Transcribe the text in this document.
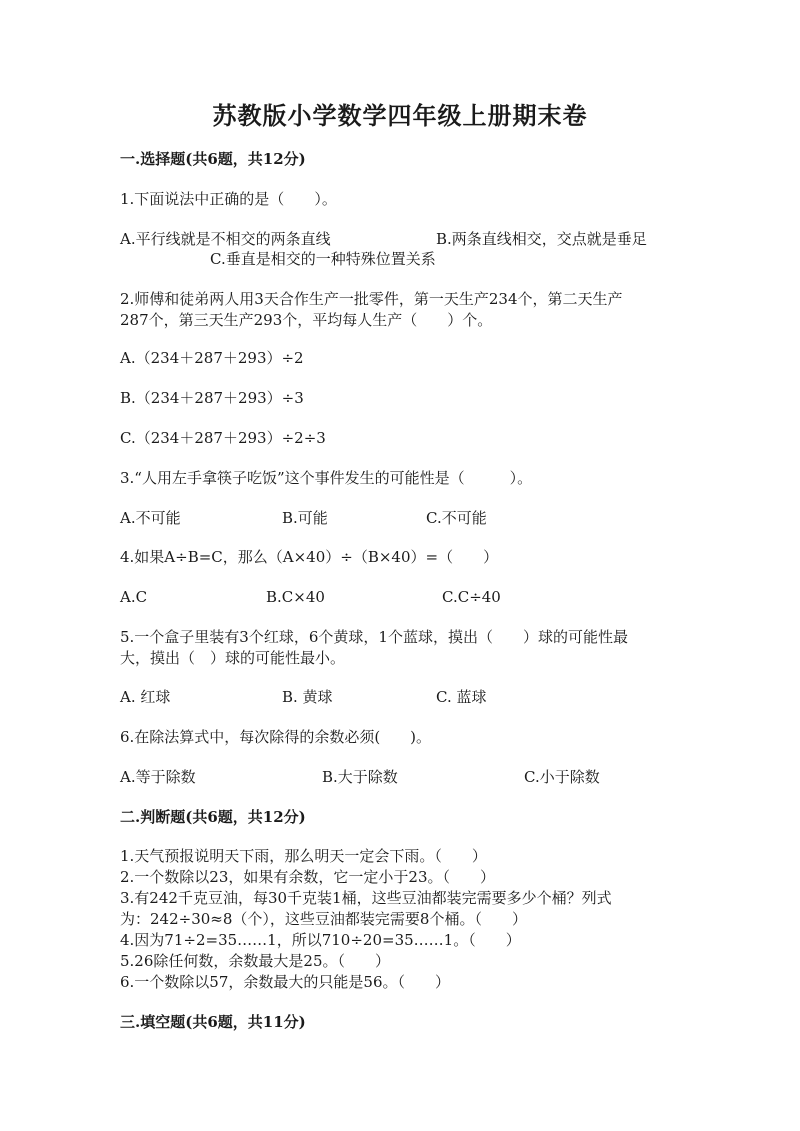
苏教版小学数学四年级上册期末卷
一.选择题(共6题，共12分)
1.下面说法中正确的是（　　）。
A.平行线就是不相交的两条直线	B.两条直线相交，交点就是垂足
C.垂直是相交的一种特殊位置关系
2.师傅和徒弟两人用3天合作生产一批零件，第一天生产234个，第二天生产
287个，第三天生产293个，平均每人生产（　　）个。
A.（234＋287＋293）÷2
B.（234＋287＋293）÷3
C.（234＋287＋293）÷2÷3
3.“人用左手拿筷子吃饭”这个事件发生的可能性是（　　　）。
A.不可能	B.可能	C.不可能
4.如果A÷B=C，那么（A×40）÷（B×40）=（　　）
A.C	B.C×40	C.C÷40
5.一个盒子里装有3个红球，6个黄球，1个蓝球，摸出（　　）球的可能性最
大，摸出（　）球的可能性最小。
A. 红球	B. 黄球	C. 蓝球
6.在除法算式中，每次除得的余数必须(　　)。
A.等于除数	B.大于除数	C.小于除数
二.判断题(共6题，共12分)
1.天气预报说明天下雨，那么明天一定会下雨。（　　）
2.一个数除以23，如果有余数，它一定小于23。（　　）
3.有242千克豆油，每30千克装1桶，这些豆油都装完需要多少个桶？列式
为：242÷30≈8（个），这些豆油都装完需要8个桶。（　　）
4.因为71÷2=35……1，所以710÷20=35……1。（　　）
5.26除任何数，余数最大是25。（　　）
6.一个数除以57，余数最大的只能是56。（　　）
三.填空题(共6题，共11分)
